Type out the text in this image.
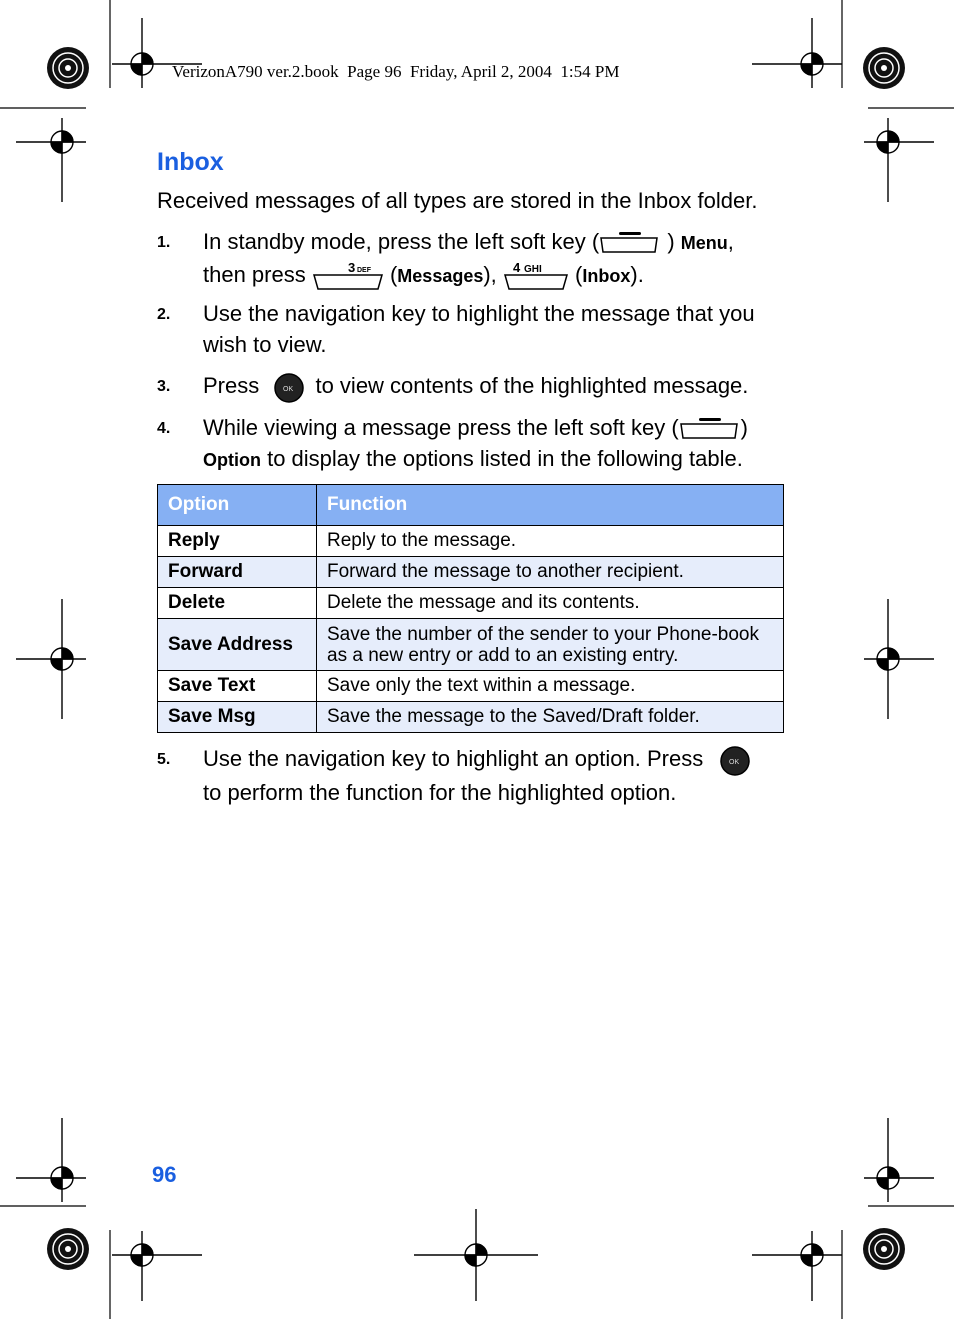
VerizonA790 ver.2.book  Page 96  Friday, April 2, 2004  1:54 PM
Inbox
Received messages of all types are stored in the Inbox folder.
1. In standby mode, press the left soft key (	) Menu,
then press	3 DEF (Messages), 4 GHI (Inbox).
2. Use the navigation key to highlight the message that you wish to view.
3. Press	OK to view contents of the highlighted message.
4. While viewing a message press the left soft key (	)
Option to display the options listed in the following table.
Option	Function
Reply	Reply to the message.
Forward	Forward the message to another recipient.
Delete	Delete the message and its contents.
Save Address	Save the number of the sender to your Phone-book as a new entry or add to an existing entry.
Save Text	Save only the text within a message.
Save Msg	Save the message to the Saved/Draft folder.
5. Use the navigation key to highlight an option. Press	OK

to perform the function for the highlighted option.
96
